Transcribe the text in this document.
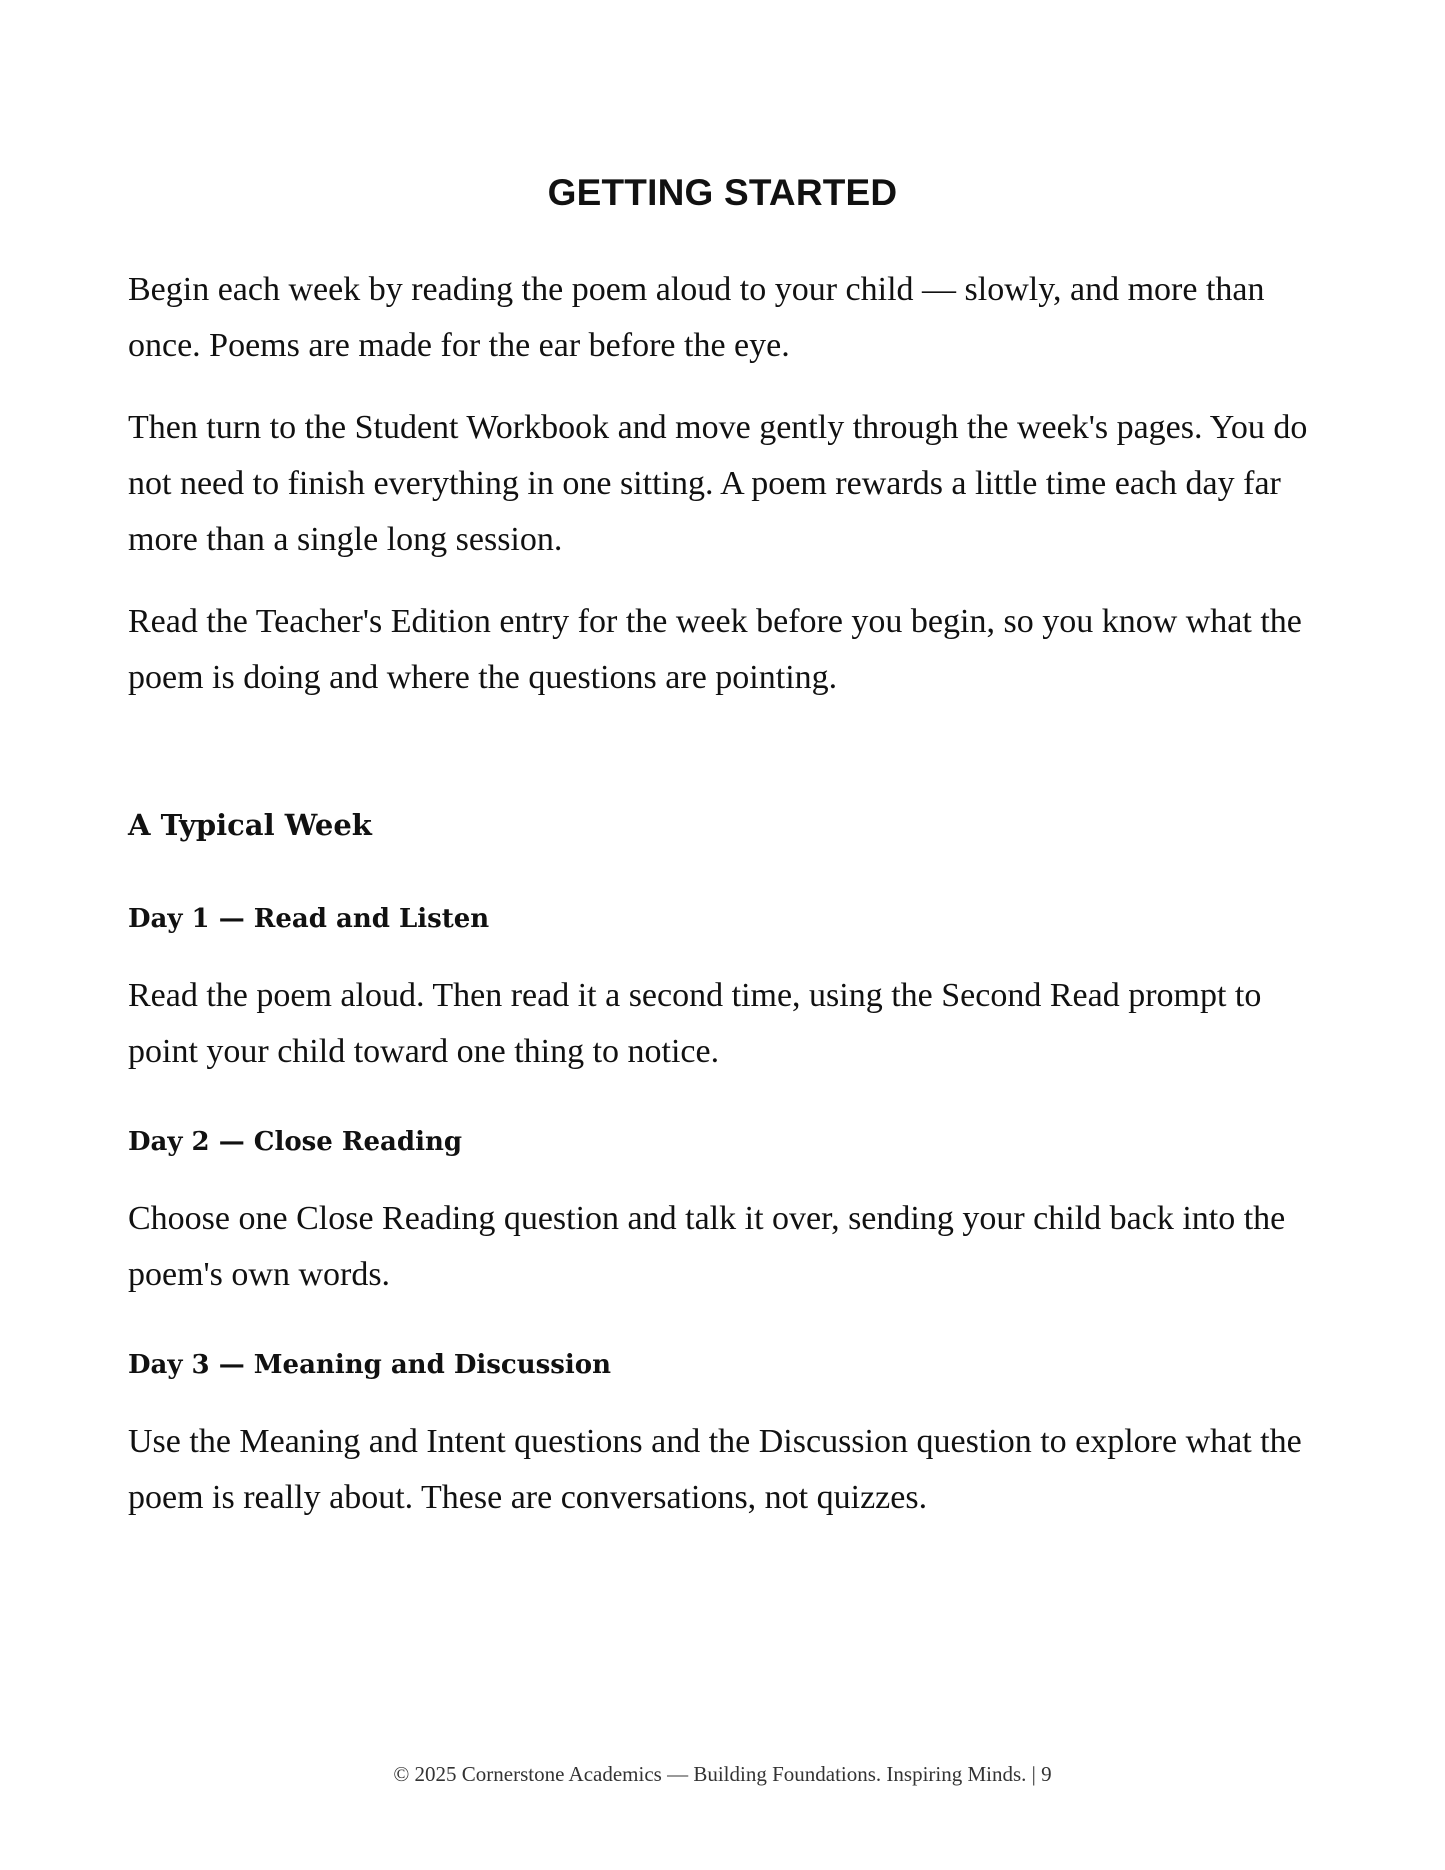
GETTING STARTED

Begin each week by reading the poem aloud to your child — slowly, and more than once. Poems are made for the ear before the eye.

Then turn to the Student Workbook and move gently through the week's pages. You do not need to finish everything in one sitting. A poem rewards a little time each day far more than a single long session.

Read the Teacher's Edition entry for the week before you begin, so you know what the poem is doing and where the questions are pointing.

A Typical Week
Day 1 — Read and Listen

Read the poem aloud. Then read it a second time, using the Second Read prompt to point your child toward one thing to notice.

Day 2 — Close Reading

Choose one Close Reading question and talk it over, sending your child back into the poem's own words.

Day 3 — Meaning and Discussion

Use the Meaning and Intent questions and the Discussion question to explore what the poem is really about. These are conversations, not quizzes.

© 2025 Cornerstone Academics — Building Foundations. Inspiring Minds. | 9
